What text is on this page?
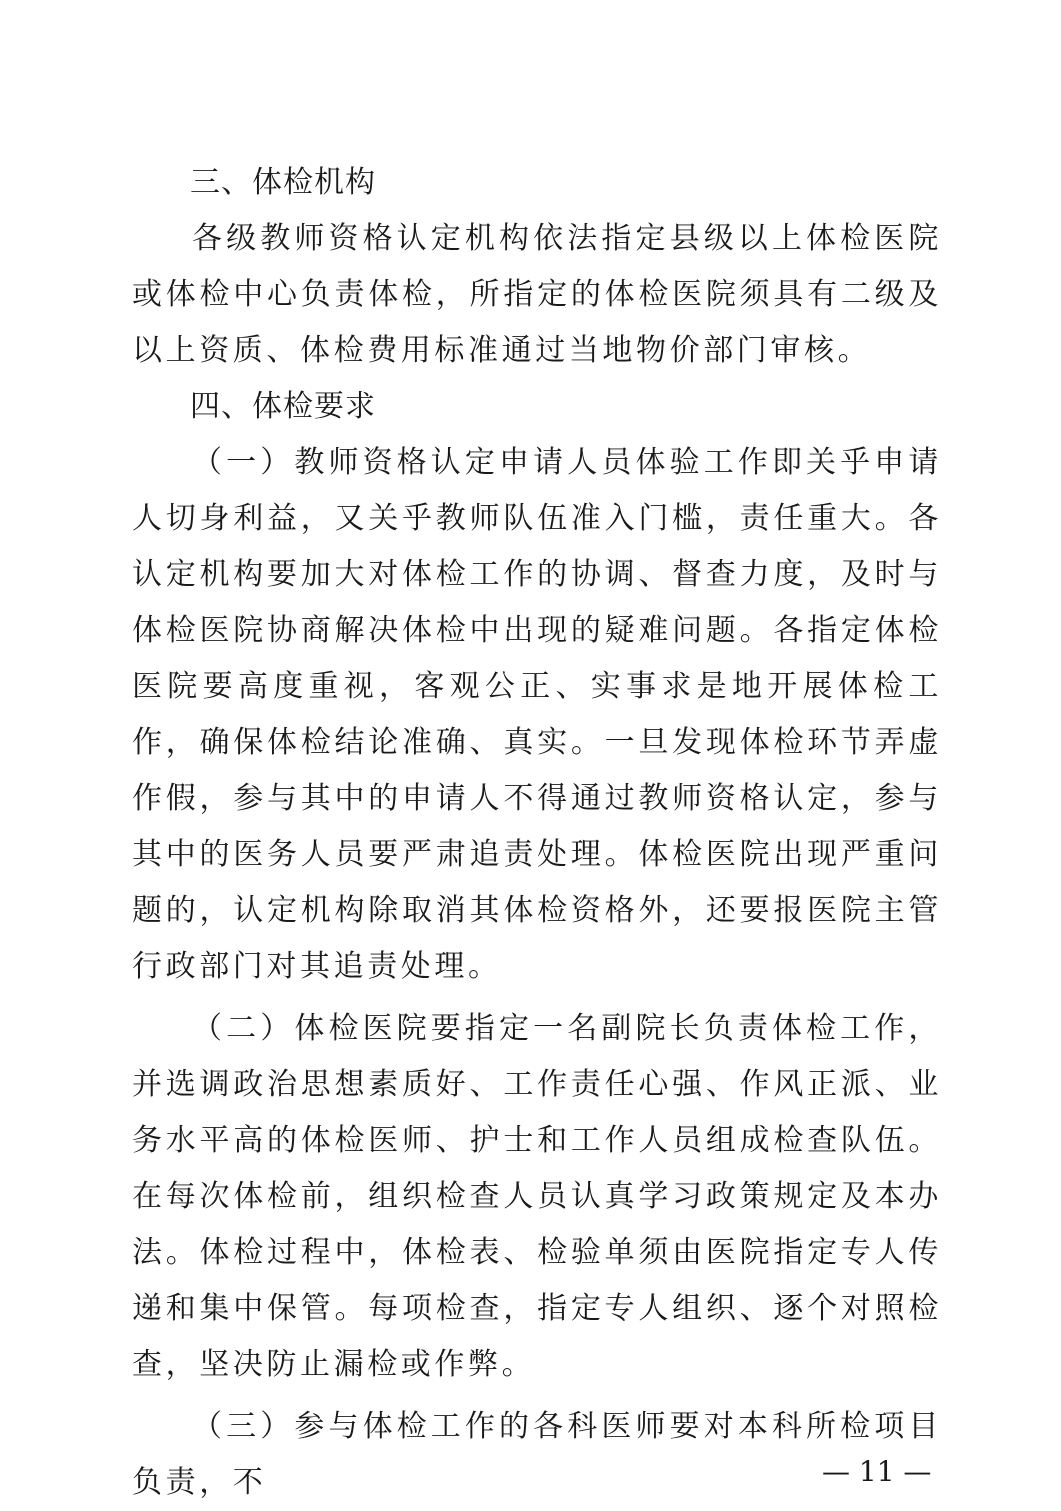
三、体检机构

各级教师资格认定机构依法指定县级以上体检医院或体检中心负责体检，所指定的体检医院须具有二级及以上资质、体检费用标准通过当地物价部门审核。

四、体检要求

（一）教师资格认定申请人员体验工作即关乎申请人切身利益，又关乎教师队伍准入门槛，责任重大。各认定机构要加大对体检工作的协调、督查力度，及时与体检医院协商解决体检中出现的疑难问题。各指定体检医院要高度重视，客观公正、实事求是地开展体检工作，确保体检结论准确、真实。一旦发现体检环节弄虚作假，参与其中的申请人不得通过教师资格认定，参与其中的医务人员要严肃追责处理。体检医院出现严重问题的，认定机构除取消其体检资格外，还要报医院主管行政部门对其追责处理。

（二）体检医院要指定一名副院长负责体检工作，并选调政治思想素质好、工作责任心强、作风正派、业务水平高的体检医师、护士和工作人员组成检查队伍。在每次体检前，组织检查人员认真学习政策规定及本办法。体检过程中，体检表、检验单须由医院指定专人传递和集中保管。每项检查，指定专人组织、逐个对照检查，坚决防止漏检或作弊。

（三）参与体检工作的各科医师要对本科所检项目负责，不	— 11 —
